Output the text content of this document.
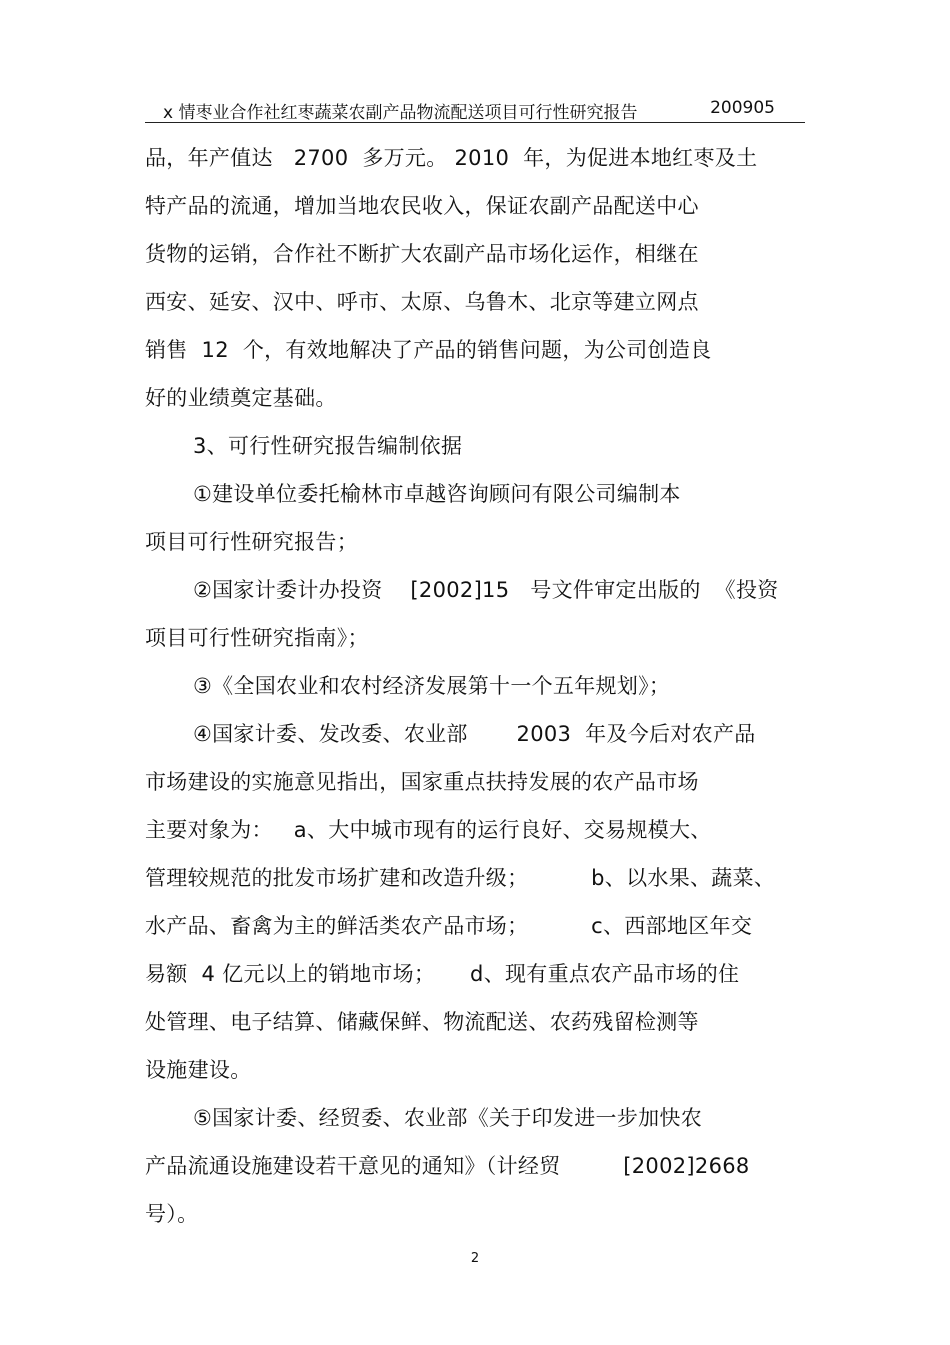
x 情枣业合作社红枣蔬菜农副产品物流配送项目可行性研究报告	200905
品，年产值达   2700  多万元。 2010  年，为促进本地红枣及土
特产品的流通，增加当地农民收入，保证农副产品配送中心
货物的运销，合作社不断扩大农副产品市场化运作，相继在
西安、延安、汉中、呼市、太原、乌鲁木、北京等建立网点
销售  12  个，有效地解决了产品的销售问题，为公司创造良
好的业绩奠定基础。
3、可行性研究报告编制依据
①建设单位委托榆林市卓越咨询顾问有限公司编制本
项目可行性研究报告；
②国家计委计办投资    [2002]15   号文件审定出版的  《投资
项目可行性研究指南》；
③《全国农业和农村经济发展第十一个五年规划》；
④国家计委、发改委、农业部       2003  年及今后对农产品
市场建设的实施意见指出，国家重点扶持发展的农产品市场
主要对象为：   a、大中城市现有的运行良好、交易规模大、
管理较规范的批发市场扩建和改造升级；         b、以水果、蔬菜、
水产品、畜禽为主的鲜活类农产品市场；         c、西部地区年交
易额  4 亿元以上的销地市场；     d、现有重点农产品市场的住
处管理、电子结算、储藏保鲜、物流配送、农药残留检测等
设施建设。
⑤国家计委、经贸委、农业部《关于印发进一步加快农
产品流通设施建设若干意见的通知》（计经贸         [2002]2668
号）。
2
